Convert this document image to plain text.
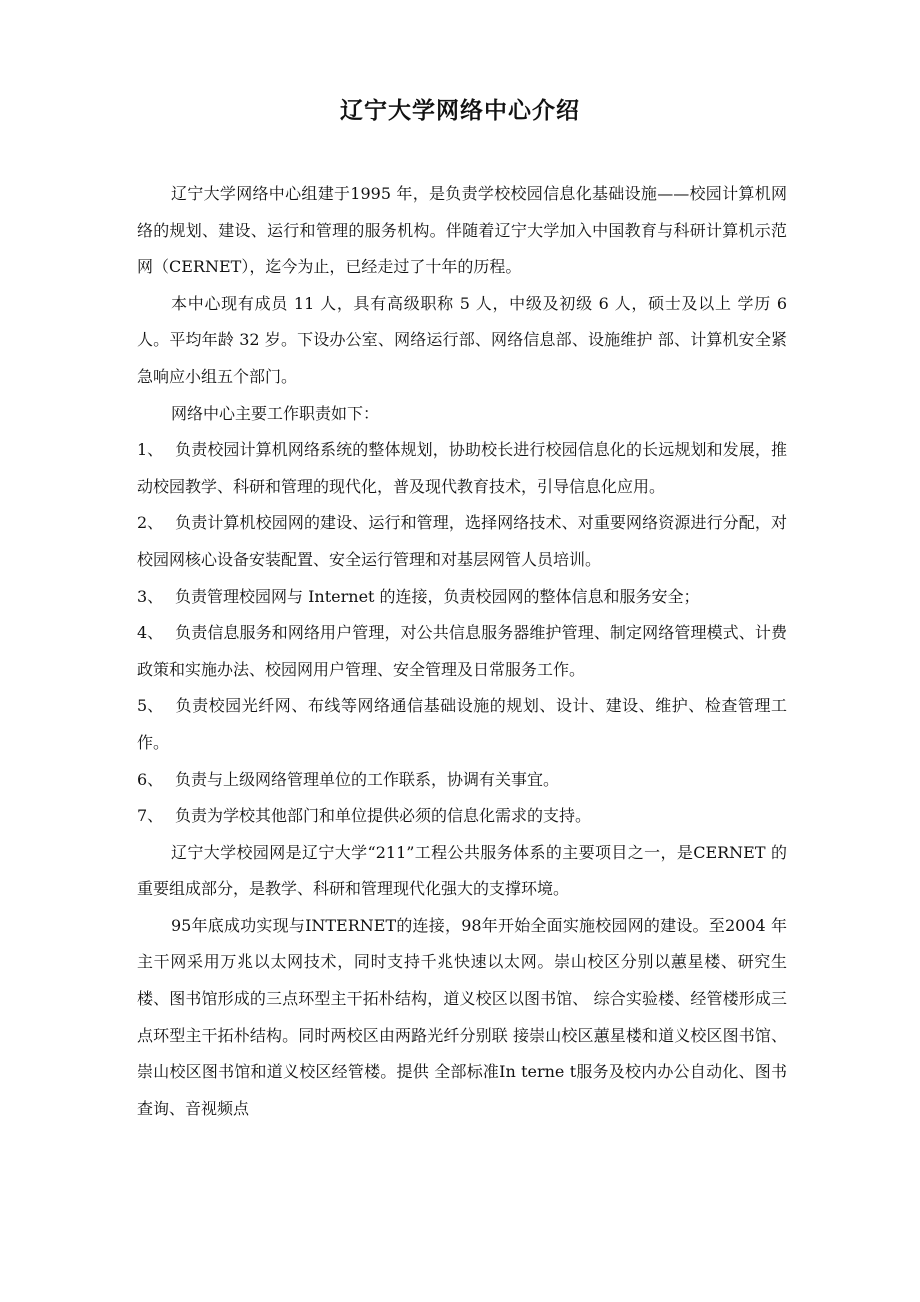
辽宁大学网络中心介绍

辽宁大学网络中心组建于1995 年，是负责学校校园信息化基础设施——校园计算机网络的规划、建设、运行和管理的服务机构。伴随着辽宁大学加入中国教育与科研计算机示范网（CERNET），迄今为止，已经走过了十年的历程。

本中心现有成员 11 人，具有高级职称 5 人，中级及初级 6 人，硕士及以上 学历 6 人。平均年龄 32 岁。下设办公室、网络运行部、网络信息部、设施维护 部、计算机安全紧急响应小组五个部门。

网络中心主要工作职责如下：

1、 负责校园计算机网络系统的整体规划，协助校长进行校园信息化的长远规划和发展，推动校园教学、科研和管理的现代化，普及现代教育技术，引导信息化应用。

2、 负责计算机校园网的建设、运行和管理，选择网络技术、对重要网络资源进行分配，对校园网核心设备安装配置、安全运行管理和对基层网管人员培训。

3、 负责管理校园网与 Internet 的连接，负责校园网的整体信息和服务安全；

4、 负责信息服务和网络用户管理，对公共信息服务器维护管理、制定网络管理模式、计费政策和实施办法、校园网用户管理、安全管理及日常服务工作。

5、 负责校园光纤网、布线等网络通信基础设施的规划、设计、建设、维护、检查管理工作。

6、 负责与上级网络管理单位的工作联系，协调有关事宜。

7、 负责为学校其他部门和单位提供必须的信息化需求的支持。

辽宁大学校园网是辽宁大学“211”工程公共服务体系的主要项目之一，是CERNET 的重要组成部分，是教学、科研和管理现代化强大的支撑环境。

95年底成功实现与INTERNET的连接，98年开始全面实施校园网的建设。至2004 年主干网采用万兆以太网技术，同时支持千兆快速以太网。崇山校区分别以蕙星楼、研究生楼、图书馆形成的三点环型主干拓朴结构，道义校区以图书馆、 综合实验楼、经管楼形成三点环型主干拓朴结构。同时两校区由两路光纤分别联 接崇山校区蕙星楼和道义校区图书馆、崇山校区图书馆和道义校区经管楼。提供 全部标准In terne t服务及校内办公自动化、图书查询、音视频点
